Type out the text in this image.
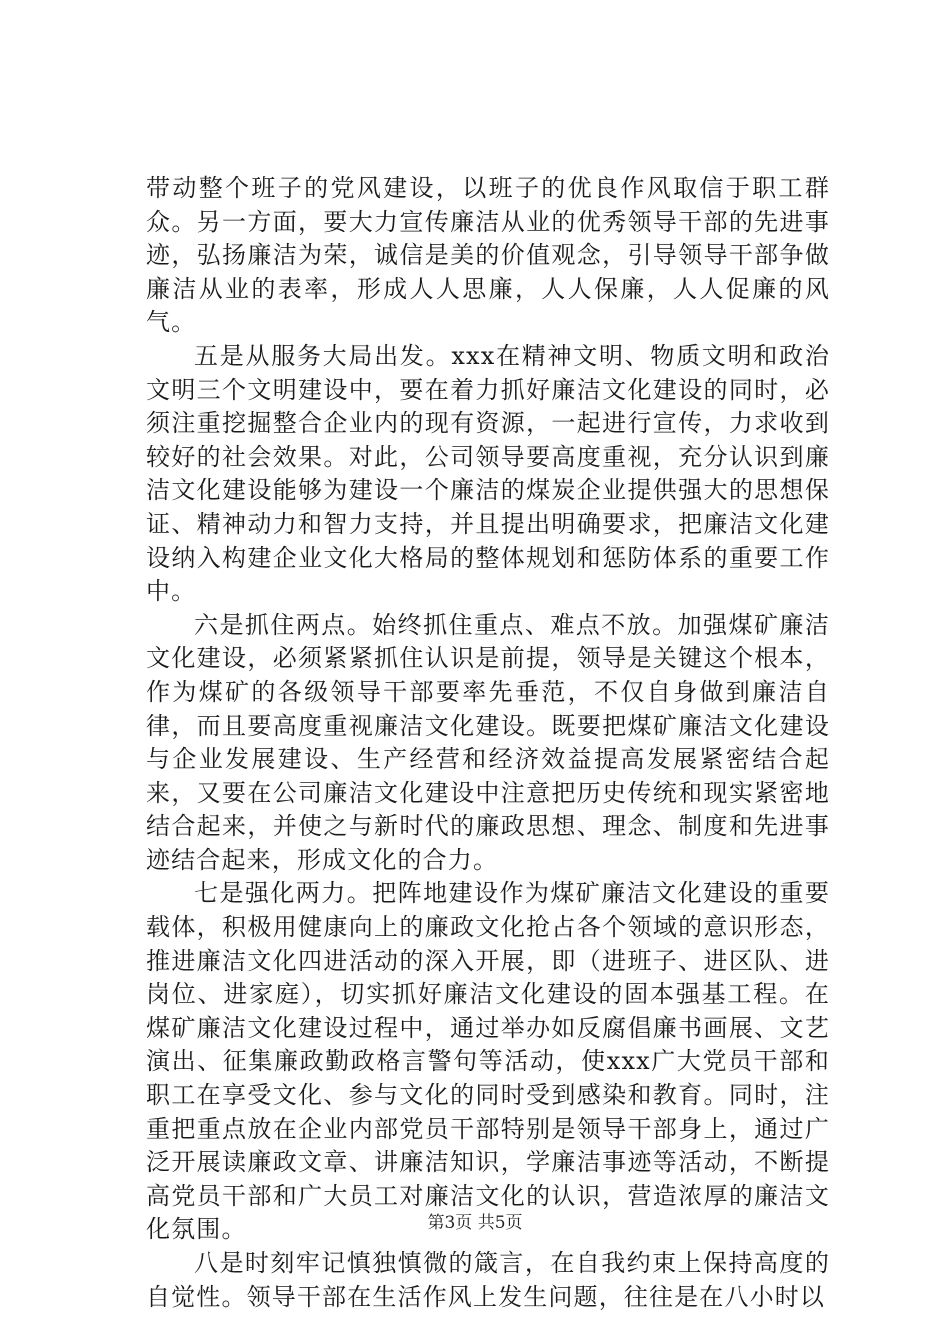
带动整个班子的党风建设，以班子的优良作风取信于职工群众。另一方面，要大力宣传廉洁从业的优秀领导干部的先进事迹，弘扬廉洁为荣，诚信是美的价值观念，引导领导干部争做廉洁从业的表率，形成人人思廉，人人保廉，人人促廉的风气。

五是从服务大局出发。xxx在精神文明、物质文明和政治文明三个文明建设中，要在着力抓好廉洁文化建设的同时，必须注重挖掘整合企业内的现有资源，一起进行宣传，力求收到较好的社会效果。对此，公司领导要高度重视，充分认识到廉洁文化建设能够为建设一个廉洁的煤炭企业提供强大的思想保证、精神动力和智力支持，并且提出明确要求，把廉洁文化建设纳入构建企业文化大格局的整体规划和惩防体系的重要工作中。

六是抓住两点。始终抓住重点、难点不放。加强煤矿廉洁文化建设，必须紧紧抓住认识是前提，领导是关键这个根本，作为煤矿的各级领导干部要率先垂范，不仅自身做到廉洁自律，而且要高度重视廉洁文化建设。既要把煤矿廉洁文化建设与企业发展建设、生产经营和经济效益提高发展紧密结合起来，又要在公司廉洁文化建设中注意把历史传统和现实紧密地结合起来，并使之与新时代的廉政思想、理念、制度和先进事迹结合起来，形成文化的合力。

七是强化两力。把阵地建设作为煤矿廉洁文化建设的重要载体，积极用健康向上的廉政文化抢占各个领域的意识形态，推进廉洁文化四进活动的深入开展，即（进班子、进区队、进岗位、进家庭），切实抓好廉洁文化建设的固本强基工程。在煤矿廉洁文化建设过程中，通过举办如反腐倡廉书画展、文艺演出、征集廉政勤政格言警句等活动，使xxx广大党员干部和职工在享受文化、参与文化的同时受到感染和教育。同时，注重把重点放在企业内部党员干部特别是领导干部身上，通过广泛开展读廉政文章、讲廉洁知识，学廉洁事迹等活动，不断提高党员干部和广大员工对廉洁文化的认识，营造浓厚的廉洁文化氛围。

八是时刻牢记慎独慎微的箴言，在自我约束上保持高度的自觉性。领导干部在生活作风上发生问题，往往是在八小时以

第3页 共5页
